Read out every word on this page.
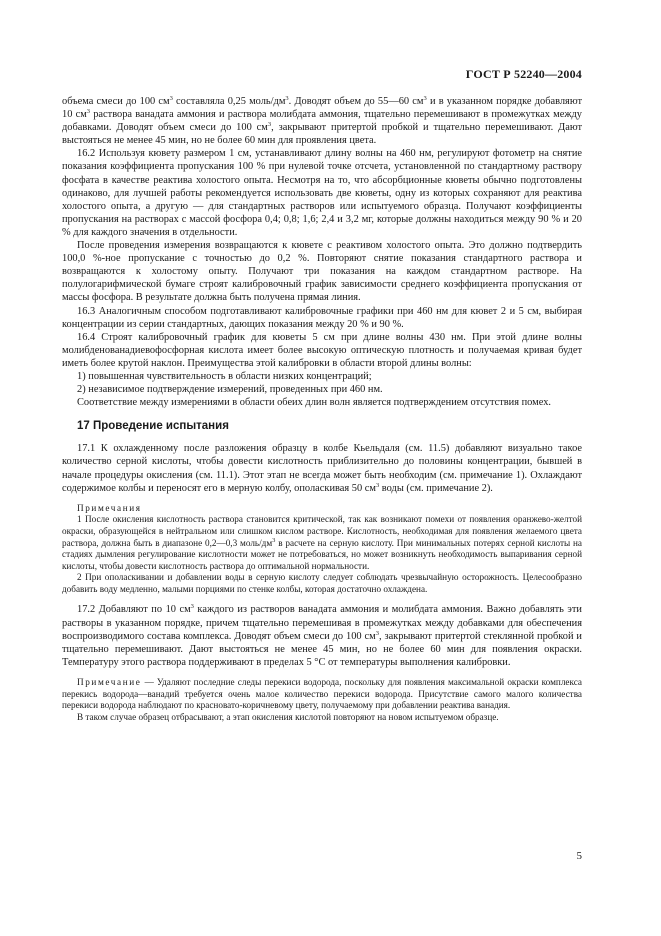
ГОСТ Р 52240—2004

объема смеси до 100 $см^3$ составляла 0,25 моль/$дм^3$. Доводят объем до 55—60 $см^3$ и в указанном порядке добавляют 10 $см^3$ раствора ванадата аммония и раствора молибдата аммония, тщательно перемешивают в промежутках между добавками. Доводят объем смеси до 100 $см^3$, закрывают притертой пробкой и тщательно перемешивают. Дают выстояться не менее 45 мин, но не более 60 мин для проявления цвета.

16.2 Используя кювету размером 1 см, устанавливают длину волны на 460 нм, регулируют фотометр на снятие показания коэффициента пропускания 100 % при нулевой точке отсчета, установленной по стандартному раствору фосфата в качестве реактива холостого опыта. Несмотря на то, что абсорбционные кюветы обычно подготовлены одинаково, для лучшей работы рекомендуется использовать две кюветы, одну из которых сохраняют для реактива холостого опыта, а другую — для стандартных растворов или испытуемого образца. Получают коэффициенты пропускания на растворах с массой фосфора 0,4; 0,8; 1,6; 2,4 и 3,2 мг, которые должны находиться между 90 % и 20 % для каждого значения в отдельности.

После проведения измерения возвращаются к кювете с реактивом холостого опыта. Это должно подтвердить 100,0 %-ное пропускание с точностью до 0,2 %. Повторяют снятие показания стандартного раствора и возвращаются к холостому опыту. Получают три показания на каждом стандартном растворе. На полулогарифмической бумаге строят калибровочный график зависимости среднего коэффициента пропускания от массы фосфора. В результате должна быть получена прямая линия.

16.3 Аналогичным способом подготавливают калибровочные графики при 460 нм для кювет 2 и 5 см, выбирая концентрации из серии стандартных, дающих показания между 20 % и 90 %.

16.4 Строят калибровочный график для кюветы 5 см при длине волны 430 нм. При этой длине волны молибденованадиевофосфорная кислота имеет более высокую оптическую плотность и получаемая кривая будет иметь более крутой наклон. Преимущества этой калибровки в области второй длины волны:

1) повышенная чувствительность в области низких концентраций;

2) независимое подтверждение измерений, проведенных при 460 нм.

Соответствие между измерениями в области обеих длин волн является подтверждением отсутствия помех.

17 Проведение испытания

17.1 К охлажденному после разложения образцу в колбе Кьельдаля (см. 11.5) добавляют визуально такое количество серной кислоты, чтобы довести кислотность приблизительно до половины концентрации, бывшей в начале процедуры окисления (см. 11.1). Этот этап не всегда может быть необходим (см. примечание 1). Охлаждают содержимое колбы и переносят его в мерную колбу, ополаскивая 50 $см^3$ воды (см. примечание 2).

Примечания

1 После окисления кислотность раствора становится критической, так как возникают помехи от появления оранжево-желтой окраски, образующейся в нейтральном или слишком кислом растворе. Кислотность, необходимая для появления желаемого цвета раствора, должна быть в диапазоне 0,2—0,3 моль/$дм^3$ в расчете на серную кислоту. При минимальных потерях серной кислоты на стадиях дымления регулирование кислотности может не потребоваться, но может возникнуть необходимость выпаривания серной кислоты, чтобы довести кислотность раствора до оптимальной нормальности.

2 При ополаскивании и добавлении воды в серную кислоту следует соблюдать чрезвычайную осторожность. Целесообразно добавить воду медленно, малыми порциями по стенке колбы, которая достаточно охлаждена.

17.2 Добавляют по 10 $см^3$ каждого из растворов ванадата аммония и молибдата аммония. Важно добавлять эти растворы в указанном порядке, причем тщательно перемешивая в промежутках между добавками для обеспечения воспроизводимого состава комплекса. Доводят объем смеси до 100 $см^3$, закрывают притертой стеклянной пробкой и тщательно перемешивают. Дают выстояться не менее 45 мин, но не более 60 мин для появления окраски. Температуру этого раствора поддерживают в пределах 5 °С от температуры выполнения калибровки.

Примечание — Удаляют последние следы перекиси водорода, поскольку для появления максимальной окраски комплекса перекись водорода—ванадий требуется очень малое количество перекиси водорода. Присутствие самого малого количества перекиси водорода наблюдают по красновато-коричневому цвету, получаемому при добавлении реактива ванадия.

В таком случае образец отбрасывают, а этап окисления кислотой повторяют на новом испытуемом образце.

5
